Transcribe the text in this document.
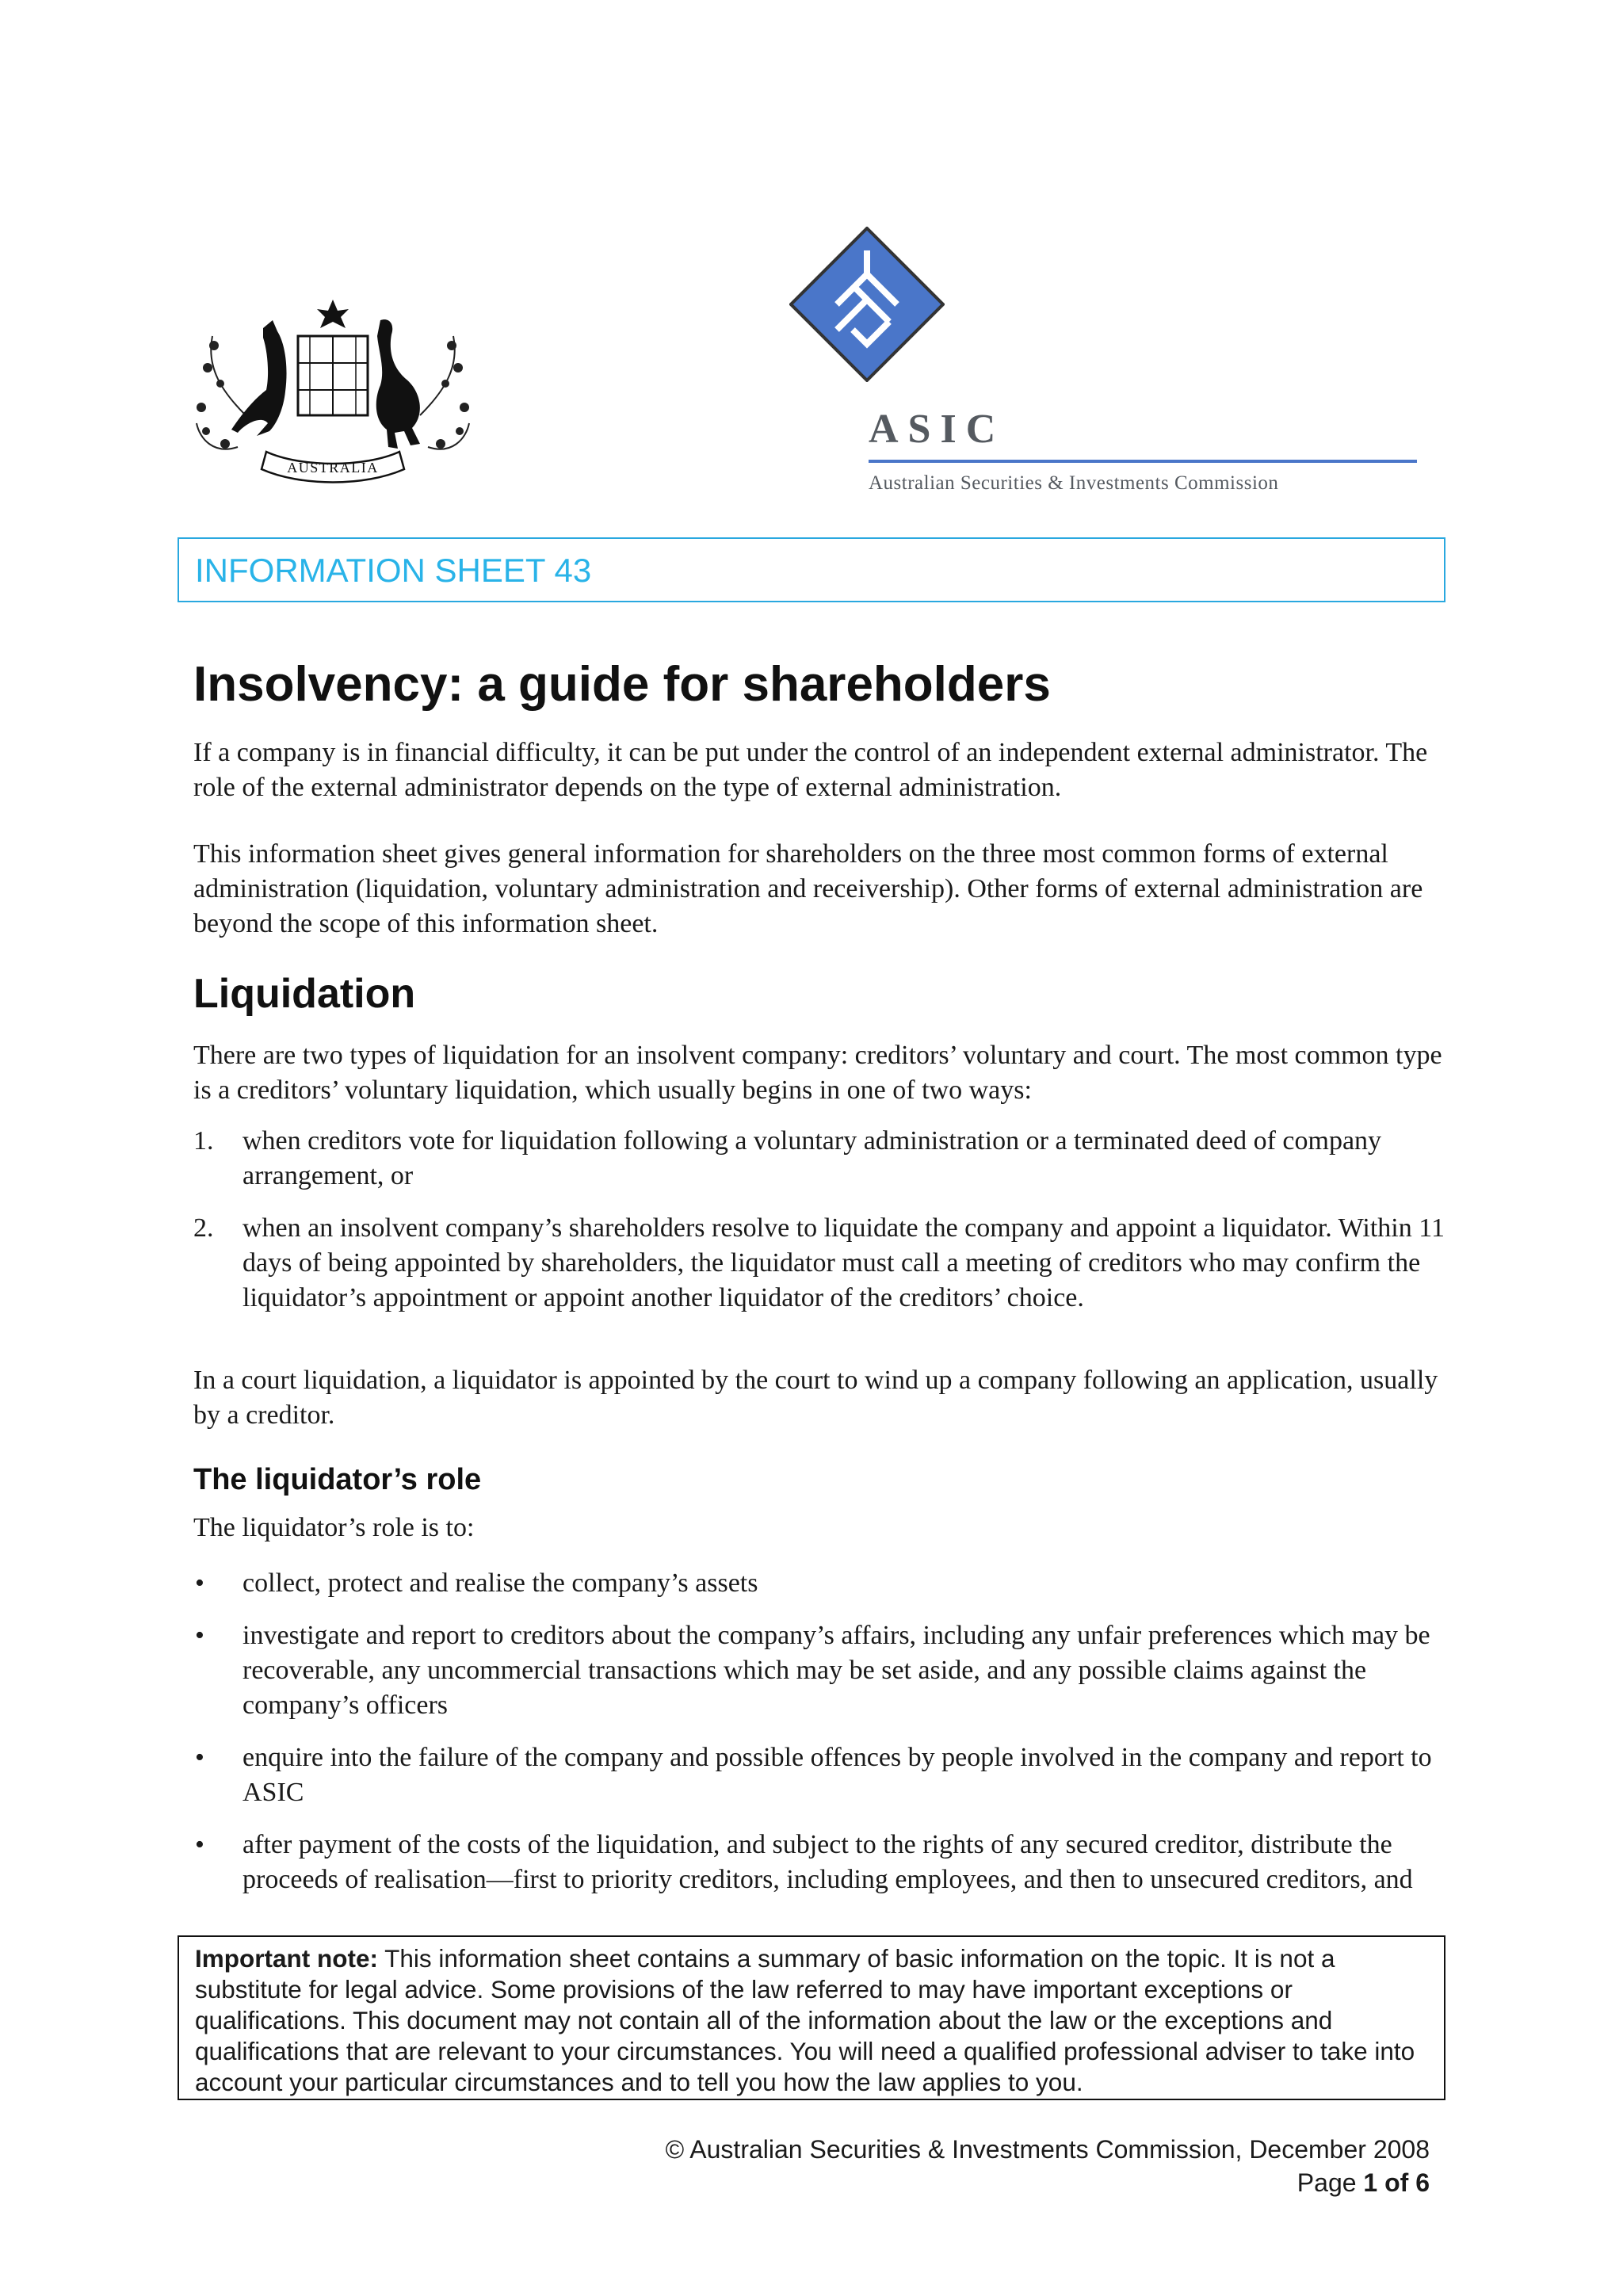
AUSTRALIA
ASIC
Australian Securities & Investments Commission
INFORMATION SHEET 43
Insolvency: a guide for shareholders

If a company is in financial difficulty, it can be put under the control of an independent external administrator. The role of the external administrator depends on the type of external administration.

This information sheet gives general information for shareholders on the three most common forms of external administration (liquidation, voluntary administration and receivership). Other forms of external administration are beyond the scope of this information sheet.

Liquidation

There are two types of liquidation for an insolvent company: creditors’ voluntary and court. The most common type is a creditors’ voluntary liquidation, which usually begins in one of two ways:

1.	when creditors vote for liquidation following a voluntary administration or a terminated deed of company arrangement, or
2.	when an insolvent company’s shareholders resolve to liquidate the company and appoint a liquidator. Within 11 days of being appointed by shareholders, the liquidator must call a meeting of creditors who may confirm the liquidator’s appointment or appoint another liquidator of the creditors’ choice.

In a court liquidation, a liquidator is appointed by the court to wind up a company following an application, usually by a creditor.

The liquidator’s role

The liquidator’s role is to:

• collect, protect and realise the company’s assets
• investigate and report to creditors about the company’s affairs, including any unfair preferences which may be recoverable, any uncommercial transactions which may be set aside, and any possible claims against the company’s officers
• enquire into the failure of the company and possible offences by people involved in the company and report to ASIC
• after payment of the costs of the liquidation, and subject to the rights of any secured creditor, distribute the proceeds of realisation—first to priority creditors, including employees, and then to unsecured creditors, and
Important note: This information sheet contains a summary of basic information on the topic. It is not a substitute for legal advice. Some provisions of the law referred to may have important exceptions or qualifications. This document may not contain all of the information about the law or the exceptions and qualifications that are relevant to your circumstances. You will need a qualified professional adviser to take into account your particular circumstances and to tell you how the law applies to you.
© Australian Securities & Investments Commission, December 2008
Page 1 of 6
